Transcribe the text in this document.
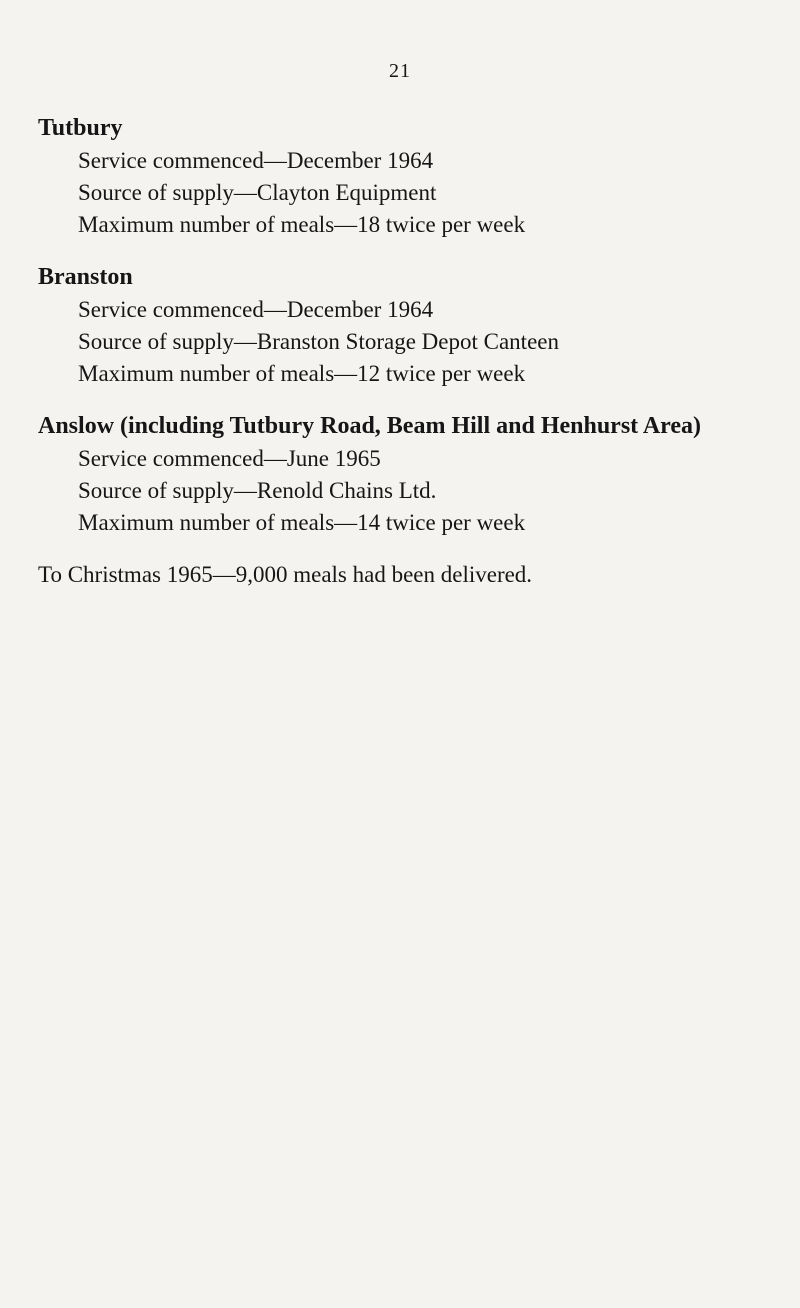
21
Tutbury
Service commenced—December 1964
Source of supply—Clayton Equipment
Maximum number of meals—18 twice per week
Branston
Service commenced—December 1964
Source of supply—Branston Storage Depot Canteen
Maximum number of meals—12 twice per week
Anslow (including Tutbury Road, Beam Hill and Henhurst Area)
Service commenced—June 1965
Source of supply—Renold Chains Ltd.
Maximum number of meals—14 twice per week
To Christmas 1965—9,000 meals had been delivered.
